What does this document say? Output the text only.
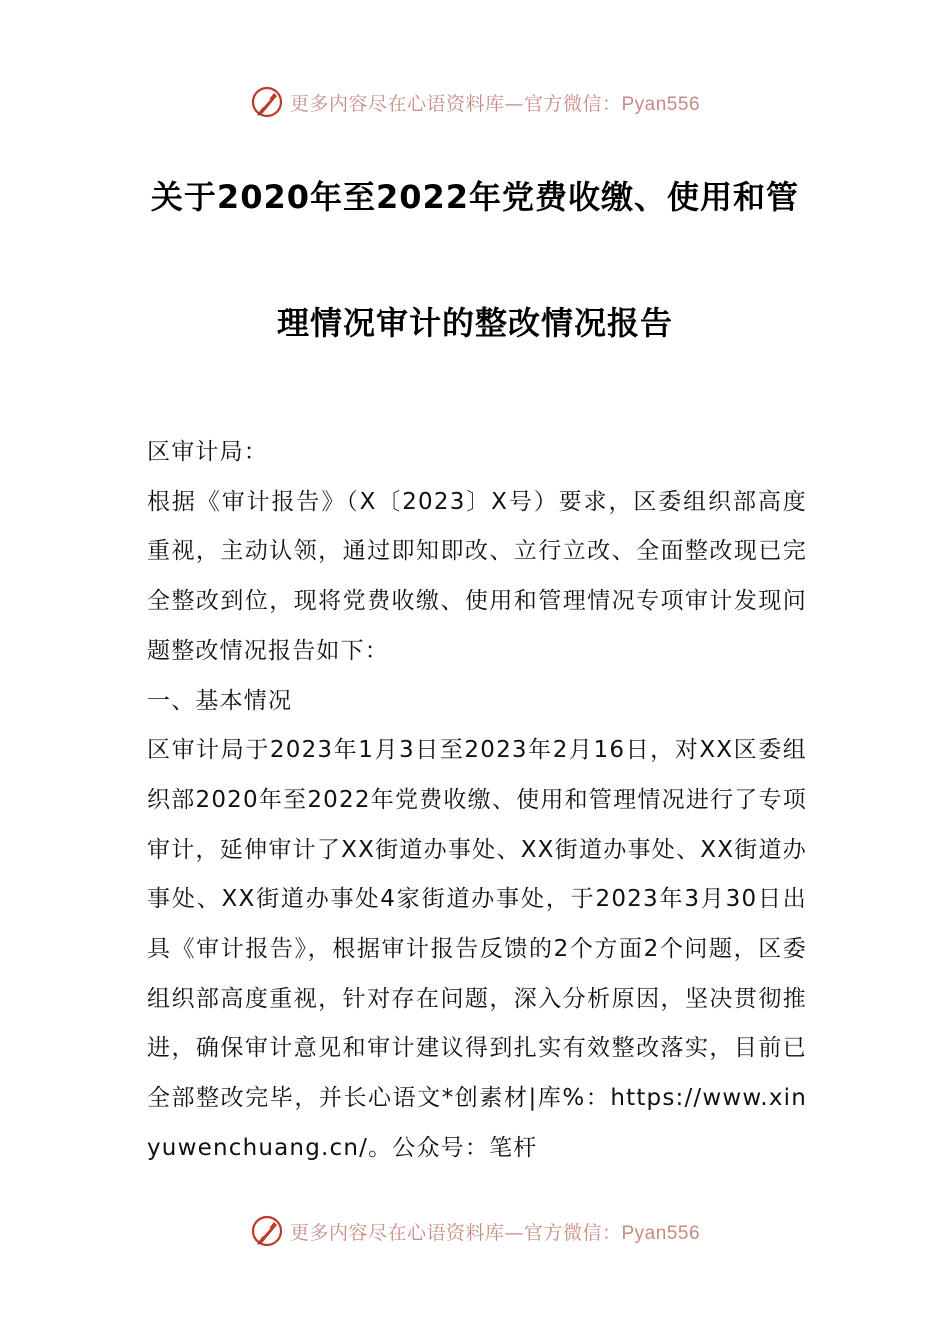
更多内容尽在心语资料库—官方微信：Pyan556
关于2020年至2022年党费收缴、使用和管
理情况审计的整改情况报告

区审计局：

根据《审计报告》（X〔2023〕X号）要求，区委组织部高度重视，主动认领，通过即知即改、立行立改、全面整改现已完全整改到位，现将党费收缴、使用和管理情况专项审计发现问题整改情况报告如下：

一、基本情况

区审计局于2023年1月3日至2023年2月16日，对XX区委组织部2020年至2022年党费收缴、使用和管理情况进行了专项审计，延伸审计了XX街道办事处、XX街道办事处、XX街道办事处、XX街道办事处4家街道办事处，于2023年3月30日出具《审计报告》，根据审计报告反馈的2个方面2个问题，区委组织部高度重视，针对存在问题，深入分析原因，坚决贯彻推进，确保审计意见和审计建议得到扎实有效整改落实，目前已全部整改完毕，并长心语文*创素材|库%：https://www.xinyuwenchuang.cn/。公众号：笔杆

更多内容尽在心语资料库—官方微信：Pyan556
